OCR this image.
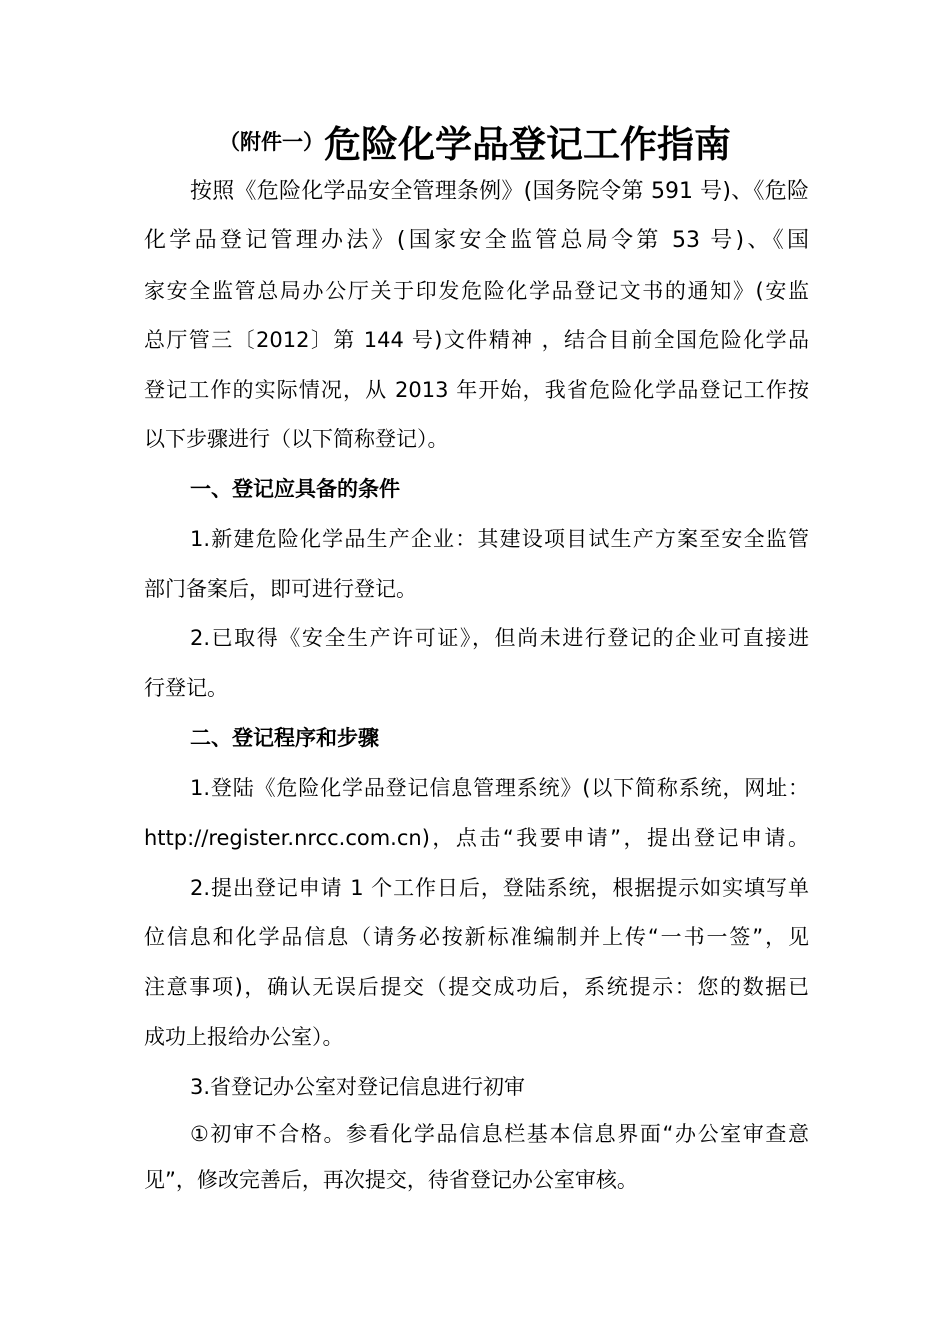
（附件一）危险化学品登记工作指南
按照《危险化学品安全管理条例》(国务院令第 591 号)、《危险
化学品登记管理办法》(国家安全监管总局令第 53 号)、《国
家安全监管总局办公厅关于印发危险化学品登记文书的通知》(安监
总厅管三〔2012〕第 144 号)文件精神 ，结合目前全国危险化学品
登记工作的实际情况，从 2013 年开始，我省危险化学品登记工作按
以下步骤进行（以下简称登记）。
一、登记应具备的条件
1.新建危险化学品生产企业：其建设项目试生产方案至安全监管
部门备案后，即可进行登记。
2.已取得《安全生产许可证》，但尚未进行登记的企业可直接进
行登记。
二、登记程序和步骤
1.登陆《危险化学品登记信息管理系统》(以下简称系统，网址：
http://register.nrcc.com.cn)，点击“我要申请”，提出登记申请。
2.提出登记申请 1 个工作日后，登陆系统，根据提示如实填写单
位信息和化学品信息（请务必按新标准编制并上传“一书一签”，见
注意事项)，确认无误后提交（提交成功后，系统提示：您的数据已
成功上报给办公室）。
3.省登记办公室对登记信息进行初审
①初审不合格。参看化学品信息栏基本信息界面“办公室审查意
见”，修改完善后，再次提交，待省登记办公室审核。
